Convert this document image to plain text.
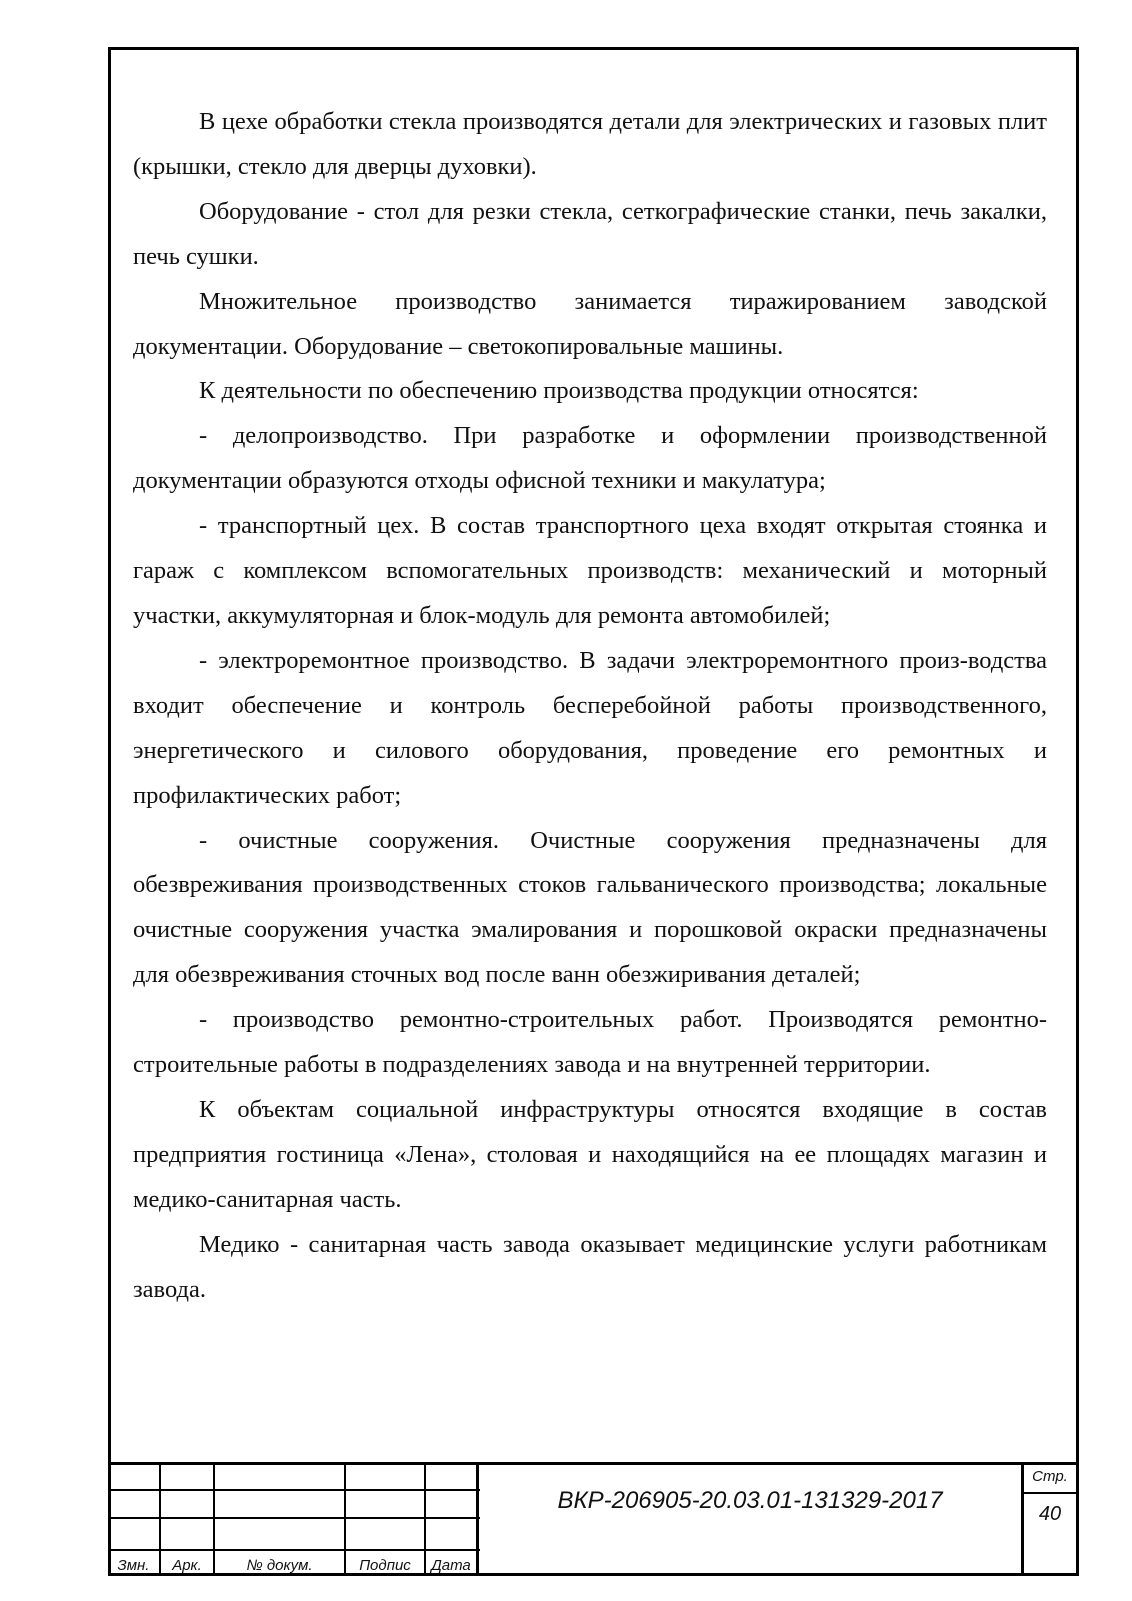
В цехе обработки стекла производятся детали для электрических и газовых плит (крышки, стекло для дверцы духовки).

Оборудование - стол для резки стекла, сеткографические станки, печь закалки, печь сушки.

Множительное производство занимается тиражированием заводской документации. Оборудование – светокопировальные машины.

К деятельности по обеспечению производства продукции относятся:

- делопроизводство. При разработке и оформлении производственной документации образуются отходы офисной техники и макулатура;

- транспортный цех. В состав транспортного цеха входят открытая стоянка и гараж с комплексом вспомогательных производств: механический и моторный участки, аккумуляторная и блок-модуль для ремонта автомобилей;

- электроремонтное производство. В задачи электроремонтного произ-водства входит обеспечение и контроль бесперебойной работы производственного, энергетического и силового оборудования, проведение его ремонтных и профилактических работ;

- очистные сооружения. Очистные сооружения предназначены для обезвреживания производственных стоков гальванического производства; локальные очистные сооружения участка эмалирования и порошковой окраски предназначены для обезвреживания сточных вод после ванн обезжиривания деталей;

- производство ремонтно-строительных работ. Производятся ремонтно-строительные работы в подразделениях завода и на внутренней территории.

К объектам социальной инфраструктуры относятся входящие в состав предприятия гостиница «Лена», столовая и находящийся на ее площадях магазин и медико-санитарная часть.

Медико - санитарная часть завода оказывает медицинские услуги работникам завода.

Змн.	Арк.	№ докум.	Подпис	Дата
ВКР-206905-20.03.01-131329-2017
Стр.
40
